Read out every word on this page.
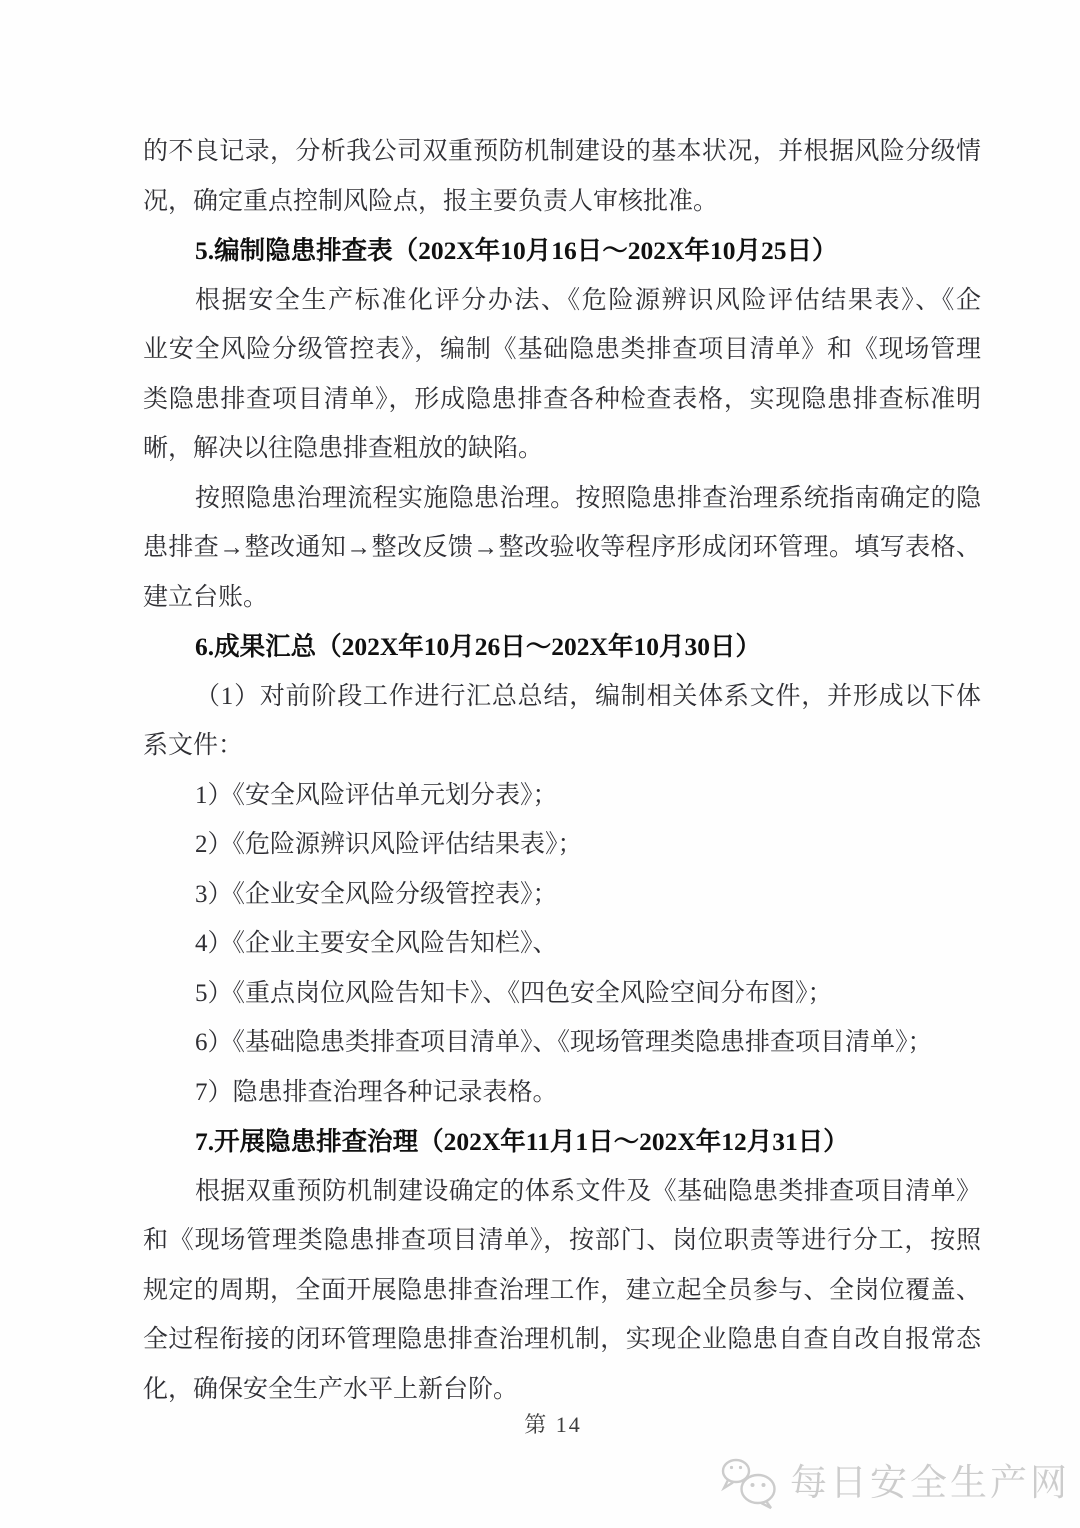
的不良记录，分析我公司双重预防机制建设的基本状况，并根据风险分级情
况，确定重点控制风险点，报主要负责人审核批准。
5.编制隐患排查表（202X年10月16日～202X年10月25日）
根据安全生产标准化评分办法、《危险源辨识风险评估结果表》、《企
业安全风险分级管控表》，编制《基础隐患类排查项目清单》和《现场管理
类隐患排查项目清单》，形成隐患排查各种检查表格，实现隐患排查标准明
晰，解决以往隐患排查粗放的缺陷。
按照隐患治理流程实施隐患治理。按照隐患排查治理系统指南确定的隐
患排查→整改通知→整改反馈→整改验收等程序形成闭环管理。填写表格、
建立台账。
6.成果汇总（202X年10月26日～202X年10月30日）
（1）对前阶段工作进行汇总总结，编制相关体系文件，并形成以下体
系文件：
1）《安全风险评估单元划分表》；
2）《危险源辨识风险评估结果表》；
3）《企业安全风险分级管控表》；
4）《企业主要安全风险告知栏》、
5）《重点岗位风险告知卡》、《四色安全风险空间分布图》；
6）《基础隐患类排查项目清单》、《现场管理类隐患排查项目清单》；
7）隐患排查治理各种记录表格。
7.开展隐患排查治理（202X年11月1日～202X年12月31日）
根据双重预防机制建设确定的体系文件及《基础隐患类排查项目清单》
和《现场管理类隐患排查项目清单》，按部门、岗位职责等进行分工，按照
规定的周期，全面开展隐患排查治理工作，建立起全员参与、全岗位覆盖、
全过程衔接的闭环管理隐患排查治理机制，实现企业隐患自查自改自报常态
化，确保安全生产水平上新台阶。
第 14
每日安全生产网
